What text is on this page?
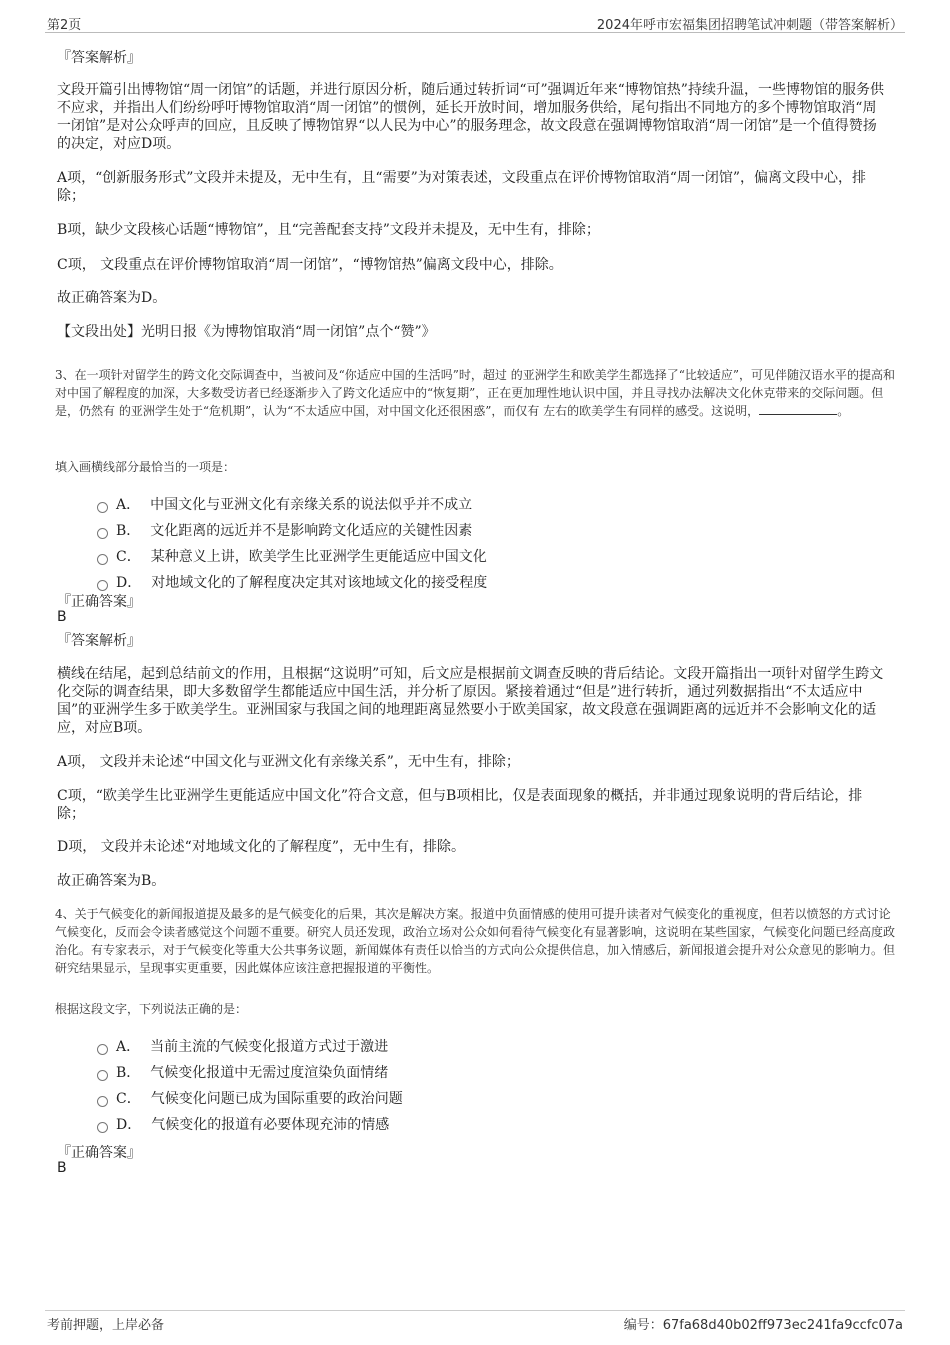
第2页	2024年呼市宏福集团招聘笔试冲刺题（带答案解析）
『答案解析』

文段开篇引出博物馆“周一闭馆”的话题，并进行原因分析，随后通过转折词“可”强调近年来“博物馆热”持续升温，一些博物馆的服务供不应求，并指出人们纷纷呼吁博物馆取消“周一闭馆”的惯例，延长开放时间，增加服务供给，尾句指出不同地方的多个博物馆取消“周一闭馆”是对公众呼声的回应，且反映了博物馆界“以人民为中心”的服务理念，故文段意在强调博物馆取消“周一闭馆”是一个值得赞扬的决定，对应D项。

A项，“创新服务形式”文段并未提及，无中生有，且“需要”为对策表述，文段重点在评价博物馆取消“周一闭馆”，偏离文段中心，排除；

B项，缺少文段核心话题“博物馆”，且“完善配套支持”文段并未提及，无中生有，排除；

C项， 文段重点在评价博物馆取消“周一闭馆”，“博物馆热”偏离文段中心，排除。

故正确答案为D。

【文段出处】光明日报《为博物馆取消“周一闭馆”点个“赞”》

3、在一项针对留学生的跨文化交际调查中，当被问及“你适应中国的生活吗”时，超过 的亚洲学生和欧美学生都选择了“比较适应”，可见伴随汉语水平的提高和对中国了解程度的加深，大多数受访者已经逐渐步入了跨文化适应中的“恢复期”，正在更加理性地认识中国，并且寻找办法解决文化休克带来的交际问题。但是，仍然有 的亚洲学生处于“危机期”，认为“不太适应中国，对中国文化还很困惑”，而仅有 左右的欧美学生有同样的感受。这说明，	。

填入画横线部分最恰当的一项是：

A． 中国文化与亚洲文化有亲缘关系的说法似乎并不成立
B． 文化距离的远近并不是影响跨文化适应的关键性因素
C． 某种意义上讲，欧美学生比亚洲学生更能适应中国文化
D． 对地域文化的了解程度决定其对该地域文化的接受程度
『正确答案』
B
『答案解析』

横线在结尾，起到总结前文的作用，且根据“这说明”可知，后文应是根据前文调查反映的背后结论。文段开篇指出一项针对留学生跨文化交际的调查结果，即大多数留学生都能适应中国生活，并分析了原因。紧接着通过“但是”进行转折，通过列数据指出“不太适应中国”的亚洲学生多于欧美学生。亚洲国家与我国之间的地理距离显然要小于欧美国家，故文段意在强调距离的远近并不会影响文化的适应，对应B项。

A项， 文段并未论述“中国文化与亚洲文化有亲缘关系”，无中生有，排除；

C项，“欧美学生比亚洲学生更能适应中国文化”符合文意，但与B项相比，仅是表面现象的概括，并非通过现象说明的背后结论，排除；

D项， 文段并未论述“对地域文化的了解程度”，无中生有，排除。

故正确答案为B。

4、关于气候变化的新闻报道提及最多的是气候变化的后果，其次是解决方案。报道中负面情感的使用可提升读者对气候变化的重视度，但若以愤怒的方式讨论气候变化，反而会令读者感觉这个问题不重要。研究人员还发现，政治立场对公众如何看待气候变化有显著影响，这说明在某些国家，气候变化问题已经高度政治化。有专家表示，对于气候变化等重大公共事务议题，新闻媒体有责任以恰当的方式向公众提供信息，加入情感后，新闻报道会提升对公众意见的影响力。但研究结果显示，呈现事实更重要，因此媒体应该注意把握报道的平衡性。

根据这段文字，下列说法正确的是：

A． 当前主流的气候变化报道方式过于激进
B． 气候变化报道中无需过度渲染负面情绪
C． 气候变化问题已成为国际重要的政治问题
D． 气候变化的报道有必要体现充沛的情感
『正确答案』
B
考前押题，上岸必备	编号：67fa68d40b02ff973ec241fa9ccfc07a
